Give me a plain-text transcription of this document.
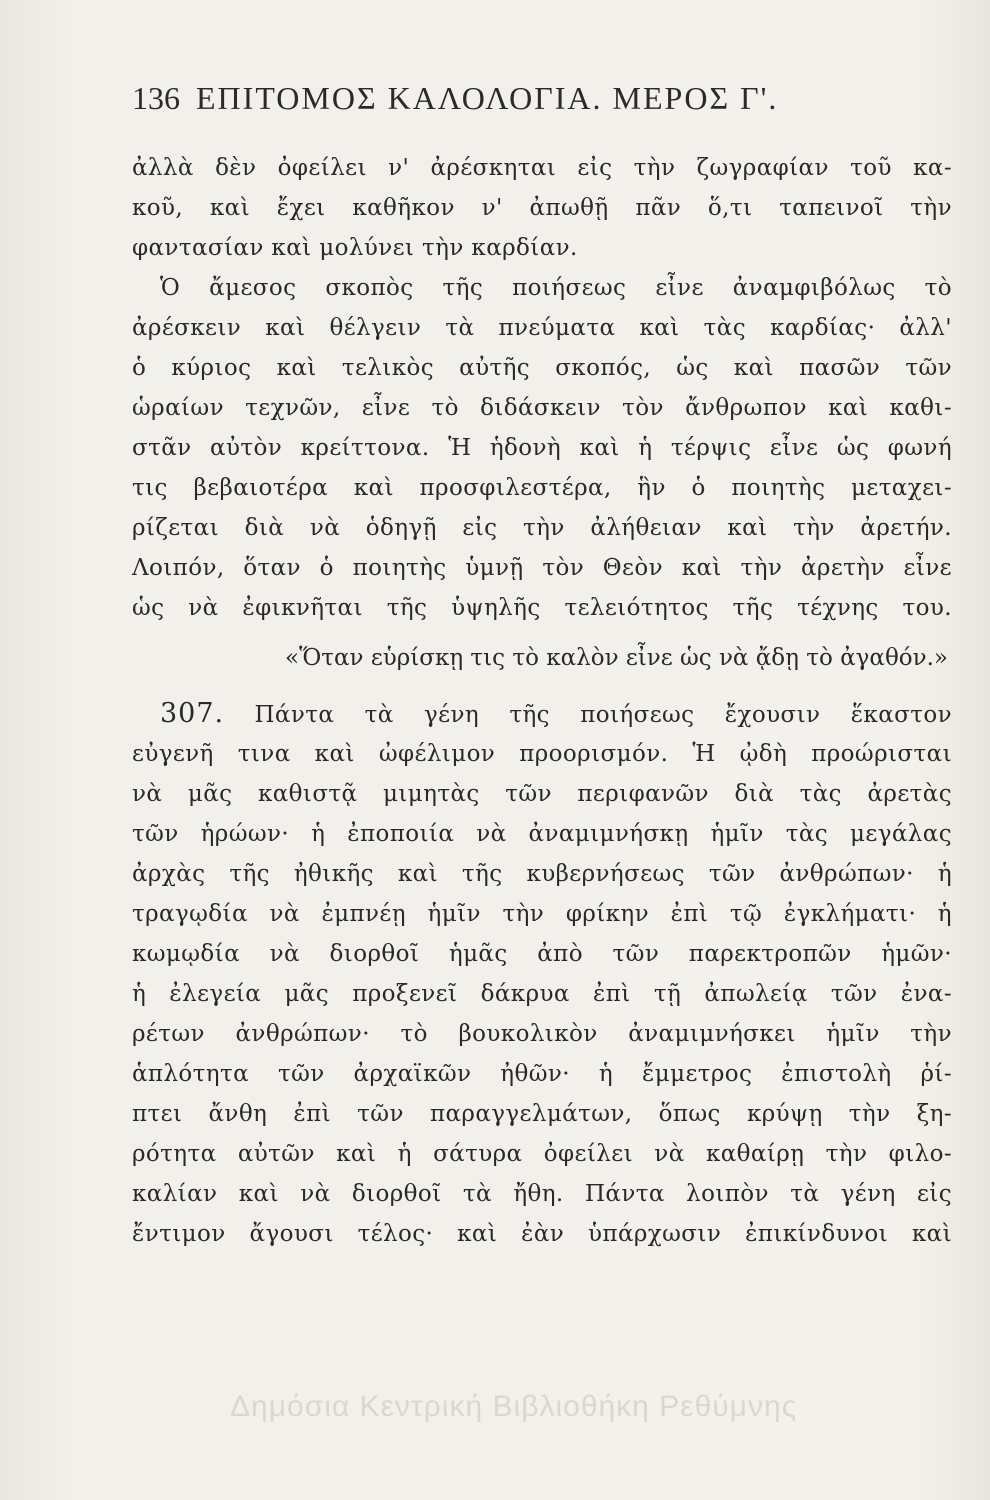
136 ΕΠΙΤΟΜΟΣ ΚΑΛΟΛΟΓΙΑ. ΜΕΡΟΣ Γ'.
ἀλλὰ δὲν ὀφείλει ν' ἀρέσκηται εἰς τὴν ζωγραφίαν τοῦ κα-
κοῦ, καὶ ἔχει καθῆκον ν' ἀπωθῇ πᾶν ὅ,τι ταπεινοῖ τὴν
φαντασίαν καὶ μολύνει τὴν καρδίαν.
Ὁ ἄμεσος σκοπὸς τῆς ποιήσεως εἶνε ἀναμφιβόλως τὸ
ἀρέσκειν καὶ θέλγειν τὰ πνεύματα καὶ τὰς καρδίας· ἀλλ'
ὁ κύριος καὶ τελικὸς αὐτῆς σκοπός, ὡς καὶ πασῶν τῶν
ὡραίων τεχνῶν, εἶνε τὸ διδάσκειν τὸν ἄνθρωπον καὶ καθι-
στᾶν αὐτὸν κρείττονα. Ἡ ἡδονὴ καὶ ἡ τέρψις εἶνε ὡς φωνή
τις βεβαιοτέρα καὶ προσφιλεστέρα, ἣν ὁ ποιητὴς μεταχει-
ρίζεται διὰ νὰ ὁδηγῇ εἰς τὴν ἀλήθειαν καὶ τὴν ἀρετήν.
Λοιπόν, ὅταν ὁ ποιητὴς ὑμνῇ τὸν Θεὸν καὶ τὴν ἀρετὴν εἶνε
ὡς νὰ ἐφικνῆται τῆς ὑψηλῆς τελειότητος τῆς τέχνης του.
«Ὅταν εὑρίσκῃ τις τὸ καλὸν εἶνε ὡς νὰ ᾄδῃ τὸ ἀγαθόν.»
307. Πάντα τὰ γένη τῆς ποιήσεως ἔχουσιν ἕκαστον
εὐγενῆ τινα καὶ ὠφέλιμον προορισμόν. Ἡ ᾠδὴ προώρισται
νὰ μᾶς καθιστᾷ μιμητὰς τῶν περιφανῶν διὰ τὰς ἀρετὰς
τῶν ἡρώων· ἡ ἐποποιία νὰ ἀναμιμνήσκῃ ἡμῖν τὰς μεγάλας
ἀρχὰς τῆς ἠθικῆς καὶ τῆς κυβερνήσεως τῶν ἀνθρώπων· ἡ
τραγῳδία νὰ ἐμπνέῃ ἡμῖν τὴν φρίκην ἐπὶ τῷ ἐγκλήματι· ἡ
κωμῳδία νὰ διορθοῖ ἡμᾶς ἀπὸ τῶν παρεκτροπῶν ἡμῶν·
ἡ ἐλεγεία μᾶς προξενεῖ δάκρυα ἐπὶ τῇ ἀπωλείᾳ τῶν ἐνα-
ρέτων ἀνθρώπων· τὸ βουκολικὸν ἀναμιμνήσκει ἡμῖν τὴν
ἁπλότητα τῶν ἀρχαϊκῶν ἠθῶν· ἡ ἔμμετρος ἐπιστολὴ ῥί-
πτει ἄνθη ἐπὶ τῶν παραγγελμάτων, ὅπως κρύψῃ τὴν ξη-
ρότητα αὐτῶν καὶ ἡ σάτυρα ὀφείλει νὰ καθαίρῃ τὴν φιλο-
καλίαν καὶ νὰ διορθοῖ τὰ ἤθη. Πάντα λοιπὸν τὰ γένη εἰς
ἔντιμον ἄγουσι τέλος· καὶ ἐὰν ὑπάρχωσιν ἐπικίνδυνοι καὶ
Δημόσια Κεντρική Βιβλιοθήκη Ρεθύμνης
